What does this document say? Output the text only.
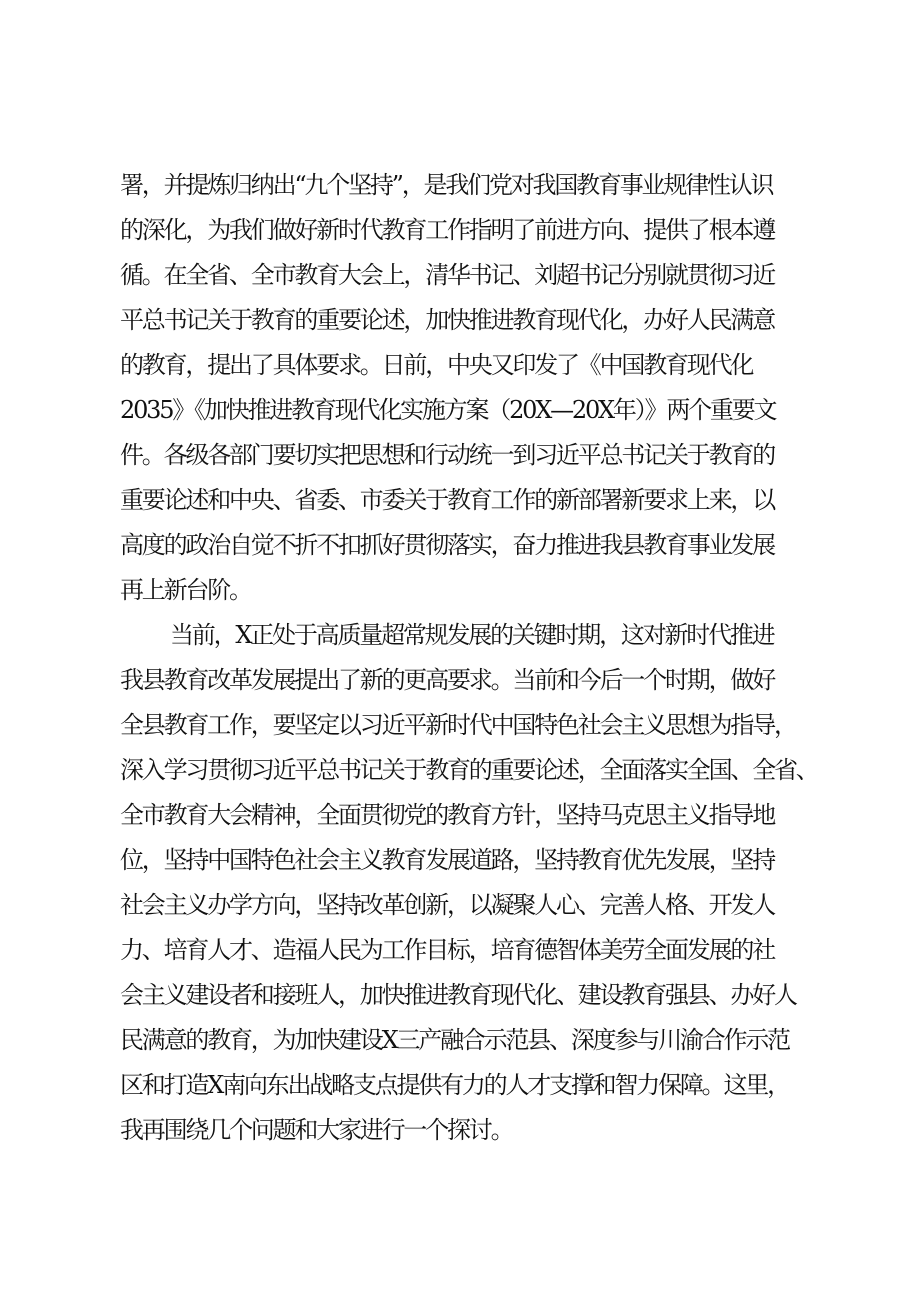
署，并提炼归纳出“九个坚持”，是我们党对我国教育事业规律性认识
的深化，为我们做好新时代教育工作指明了前进方向、提供了根本遵
循。在全省、全市教育大会上，清华书记、刘超书记分别就贯彻习近
平总书记关于教育的重要论述，加快推进教育现代化，办好人民满意
的教育，提出了具体要求。日前，中央又印发了《中国教育现代化
2035》《加快推进教育现代化实施方案（20X—20X年）》两个重要文
件。各级各部门要切实把思想和行动统一到习近平总书记关于教育的
重要论述和中央、省委、市委关于教育工作的新部署新要求上来，以
高度的政治自觉不折不扣抓好贯彻落实，奋力推进我县教育事业发展
再上新台阶。
当前，X正处于高质量超常规发展的关键时期，这对新时代推进
我县教育改革发展提出了新的更高要求。当前和今后一个时期，做好
全县教育工作，要坚定以习近平新时代中国特色社会主义思想为指导，
深入学习贯彻习近平总书记关于教育的重要论述，全面落实全国、全省、
全市教育大会精神，全面贯彻党的教育方针，坚持马克思主义指导地
位，坚持中国特色社会主义教育发展道路，坚持教育优先发展，坚持
社会主义办学方向，坚持改革创新，以凝聚人心、完善人格、开发人
力、培育人才、造福人民为工作目标，培育德智体美劳全面发展的社
会主义建设者和接班人，加快推进教育现代化、建设教育强县、办好人
民满意的教育，为加快建设X三产融合示范县、深度参与川渝合作示范
区和打造X南向东出战略支点提供有力的人才支撑和智力保障。这里，
我再围绕几个问题和大家进行一个探讨。
